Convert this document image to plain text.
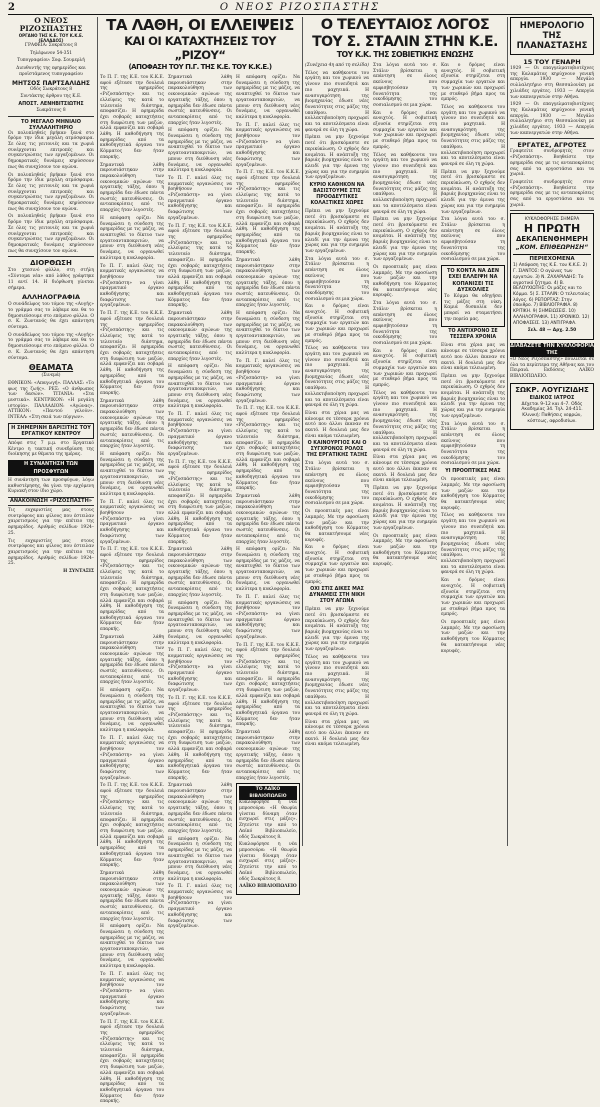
2	Ο ΝΕΟΣ ΡΙΖΟΣΠΑΣΤΗΣ
Ο ΝΕΟΣ ΡΙΖΟΣΠΑΣΤΗΣ
ΟΡΓΑΝΟ ΤΗΣ Κ.Ε. ΤΟΥ Κ.Κ.Ε. (ΕΛΛΑΔΟΣ)
ΓΡΑΦΕΙΑ: Σοκράτους 8
Τηλέφωνον 54-351
Τυπογραφείον: Σοφ. Σουμερλή
Διευθυντής της εφημερίδος και προϊστάμενος τυπογραφείου
ΜΗΤΣΟΣ ΠΑΡΤΣΑΛΙΔΗΣ
Οδός Σωκράτους 8
Συντάκτης άρθρου της Κ.Ε.
ΑΠΟΣΤ. ΛΕΝΗΒΙΤΣΙΩΤΗΣ
Σωκράτους 8
ΤΟ ΜΕΓΑΛΟ ΜΗΝΙΑΙΟ ΣΥΛΛΑΛΗΤΗΡΙΟ
Οι πολυπληθείς βρήκαν ξανά στο δρόμο την ίδια μεγάλη ατμόσφαιρα. Σε όλες τις γειτονιές και τα χωριά συνέρχονται επιτροπές και συγκεντρώσεις των εργαζομένων. Οι δημοκρατικές δυνάμεις κηρύσσουν πως θα συνεχίσουν τον αγώνα.
Οι πολυπληθείς βρήκαν ξανά στο δρόμο την ίδια μεγάλη ατμόσφαιρα. Σε όλες τις γειτονιές και τα χωριά συνέρχονται επιτροπές και συγκεντρώσεις των εργαζομένων. Οι δημοκρατικές δυνάμεις κηρύσσουν πως θα συνεχίσουν τον αγώνα.
Οι πολυπληθείς βρήκαν ξανά στο δρόμο την ίδια μεγάλη ατμόσφαιρα. Σε όλες τις γειτονιές και τα χωριά συνέρχονται επιτροπές και συγκεντρώσεις των εργαζομένων. Οι δημοκρατικές δυνάμεις κηρύσσουν πως θα συνεχίσουν τον αγώνα.
ΔΙΟΡΘΩΣΗ
Στο χτεσινό φύλλο, στη στήλη «Σύντομα νέα» από λάθος γράφτηκε 11 αντί 14. Η διόρθωση γίνεται σήμερα.
ΑΛΛΗΛΟΓΡΑΦΙΑ
Ο συνάδελφος του τόμου της «Αυγής» το γράμμα σας το λάβαμε και θα το δημοσιεύσουμε στο επόμενο φύλλο. Ο σ. Κ. Ζωντανός θα έχει απάντηση σύντομα.
Ο συνάδελφος του τόμου της «Αυγής» το γράμμα σας το λάβαμε και θα το δημοσιεύσουμε στο επόμενο φύλλο. Ο σ. Κ. Ζωντανός θα έχει απάντηση σύντομα.
ΘΕΑΜΑΤΑ
(Σινεμά)
ΕΘΝΙΚΟΝ: «Απαγωγή». ΠΑΛΛΑΣ: «Το φως της ζωής». ΡΕΞ: «Ο άνθρωπος των δασών». ΤΙΤΑΝΙΑ: «Στα μυστικά». ΚΕΝΤΡΙΚΟΝ: «Η μεγάλη ιστορία». ΠΑΛΛΑΔΙΟΝ: «Αγώνας». ΑΤΤΙΚΟΝ: «Παντού γελούν». ΙΝΤΕΑΛ: «Στη σκιά των πύργων».
Η ΣΗΜΕΡΙΝΗ ΒΑΡΙΞΙΤΗΣ ΤΟΥ ΕΡΓΑΤΙΚΟΥ ΚΕΝΤΡΟΥ
Απόψε στις 7 μ.μ. στο Εργατικό Κέντρο η τακτική συνεδρίαση της διοίκησης με θέματα της ημέρας.
Η ΣΥΝΑΝΤΗΣΗ ΤΩΝ ΠΡΟΣΦΥΓΩΝ
Η συνάντηση των προσφύγων, λόγω καθυστέρησης, θα γίνει την ερχόμενη Κυριακή στον ίδιο χώρο.
ΑΝΑΚΟΙΝΩΣΗ «ΡΙΖΟΣΠΑΣΤΗ»
Τις ευχαριστίες μας στους συντρόφους και φίλους που έστειλαν χαιρετισμούς για την επέτειο της εφημερίδος. Αριθμός σελίδων 1924–25.
Τις ευχαριστίες μας στους συντρόφους και φίλους που έστειλαν χαιρετισμούς για την επέτειο της εφημερίδος. Αριθμός σελίδων 1924–25.
Η ΣΥΝΤΑΞΙΣ
ΤΑ ΛΑΘΗ, ΟΙ ΕΛΛΕΙΨΕΙΣ
ΚΑΙ ΟΙ ΚΑΤΑΧΤΗΣΕΙΣ ΤΟΥ „ΡΙΖΟΥ“
(ΑΠΟΦΑΣΗ ΤΟΥ Π.Γ. ΤΗΣ Κ.Ε. ΤΟΥ Κ.Κ.Ε.)
Το Π. Γ. της Κ.Ε. του Κ.Κ.Ε. αφού εξέτασε την δουλειά της εφημερίδος «Ριζοσπάστης» και τις ελλείψεις της κατά το τελευταίο διάστημα, αποφασίζει: Η εφημερίδα έχει σοβαρές καταχτήσεις στη διαφώτιση των μαζών, αλλά εμφανίζει και σοβαρά λάθη. Η καθοδήγηση της εφημερίδας από τα καθοδηγητικά όργανα του Κόμματος δεν ήταν επαρκής.
Σημαντικά λάθη παρουσιάστηκαν στην παρακολούθηση των οικονομικών αγώνων της εργατικής τάξης, όπου η εφημερίδα δεν έδωσε πάντα σωστές κατευθύνσεις. Οι ανταποκρίσεις από τις επαρχίες ήταν λιγοστές.
Η απόφαση ορίζει: Να δυναμώσει η σύνδεση της εφημερίδας με τις μάζες, να αναπτυχθεί το δίκτυο των εργατοανταποκριτών, να μπουν στη διεύθυνση νέες δυνάμεις, να οργανωθεί καλύτερα η κυκλοφορία.
Το Π. Γ. καλεί όλες τις κομματικές οργανώσεις να βοηθήσουν τον «Ριζοσπάστη» να γίνει πραγματικό όργανο καθοδήγησης και διαφώτισης των εργαζομένων.
Το Π. Γ. της Κ.Ε. του Κ.Κ.Ε. αφού εξέτασε την δουλειά της εφημερίδος «Ριζοσπάστης» και τις ελλείψεις της κατά το τελευταίο διάστημα, αποφασίζει: Η εφημερίδα έχει σοβαρές καταχτήσεις στη διαφώτιση των μαζών, αλλά εμφανίζει και σοβαρά λάθη. Η καθοδήγηση της εφημερίδας από τα καθοδηγητικά όργανα του Κόμματος δεν ήταν επαρκής.
Σημαντικά λάθη παρουσιάστηκαν στην παρακολούθηση των οικονομικών αγώνων της εργατικής τάξης, όπου η εφημερίδα δεν έδωσε πάντα σωστές κατευθύνσεις. Οι ανταποκρίσεις από τις επαρχίες ήταν λιγοστές.
Η απόφαση ορίζει: Να δυναμώσει η σύνδεση της εφημερίδας με τις μάζες, να αναπτυχθεί το δίκτυο των εργατοανταποκριτών, να μπουν στη διεύθυνση νέες δυνάμεις, να οργανωθεί καλύτερα η κυκλοφορία.
Το Π. Γ. καλεί όλες τις κομματικές οργανώσεις να βοηθήσουν τον «Ριζοσπάστη» να γίνει πραγματικό όργανο καθοδήγησης και διαφώτισης των εργαζομένων.
Το Π. Γ. της Κ.Ε. του Κ.Κ.Ε. αφού εξέτασε την δουλειά της εφημερίδος «Ριζοσπάστης» και τις ελλείψεις της κατά το τελευταίο διάστημα, αποφασίζει: Η εφημερίδα έχει σοβαρές καταχτήσεις στη διαφώτιση των μαζών, αλλά εμφανίζει και σοβαρά λάθη. Η καθοδήγηση της εφημερίδας από τα καθοδηγητικά όργανα του Κόμματος δεν ήταν επαρκής.
Σημαντικά λάθη παρουσιάστηκαν στην παρακολούθηση των οικονομικών αγώνων της εργατικής τάξης, όπου η εφημερίδα δεν έδωσε πάντα σωστές κατευθύνσεις. Οι ανταποκρίσεις από τις επαρχίες ήταν λιγοστές.
Η απόφαση ορίζει: Να δυναμώσει η σύνδεση της εφημερίδας με τις μάζες, να αναπτυχθεί το δίκτυο των εργατοανταποκριτών, να μπουν στη διεύθυνση νέες δυνάμεις, να οργανωθεί καλύτερα η κυκλοφορία.
Το Π. Γ. καλεί όλες τις κομματικές οργανώσεις να βοηθήσουν τον «Ριζοσπάστη» να γίνει πραγματικό όργανο καθοδήγησης και διαφώτισης των εργαζομένων.
Το Π. Γ. της Κ.Ε. του Κ.Κ.Ε. αφού εξέτασε την δουλειά της εφημερίδος «Ριζοσπάστης» και τις ελλείψεις της κατά το τελευταίο διάστημα, αποφασίζει: Η εφημερίδα έχει σοβαρές καταχτήσεις στη διαφώτιση των μαζών, αλλά εμφανίζει και σοβαρά λάθη. Η καθοδήγηση της εφημερίδας από τα καθοδηγητικά όργανα του Κόμματος δεν ήταν επαρκής.
Σημαντικά λάθη παρουσιάστηκαν στην παρακολούθηση των οικονομικών αγώνων της εργατικής τάξης, όπου η εφημερίδα δεν έδωσε πάντα σωστές κατευθύνσεις. Οι ανταποκρίσεις από τις επαρχίες ήταν λιγοστές.
Η απόφαση ορίζει: Να δυναμώσει η σύνδεση της εφημερίδας με τις μάζες, να αναπτυχθεί το δίκτυο των εργατοανταποκριτών, να μπουν στη διεύθυνση νέες δυνάμεις, να οργανωθεί καλύτερα η κυκλοφορία.
Το Π. Γ. καλεί όλες τις κομματικές οργανώσεις να βοηθήσουν τον «Ριζοσπάστη» να γίνει πραγματικό όργανο καθοδήγησης και διαφώτισης των εργαζομένων.
Το Π. Γ. της Κ.Ε. του Κ.Κ.Ε. αφού εξέτασε την δουλειά της εφημερίδος «Ριζοσπάστης» και τις ελλείψεις της κατά το τελευταίο διάστημα, αποφασίζει: Η εφημερίδα έχει σοβαρές καταχτήσεις στη διαφώτιση των μαζών, αλλά εμφανίζει και σοβαρά λάθη. Η καθοδήγηση της εφημερίδας από τα καθοδηγητικά όργανα του Κόμματος δεν ήταν επαρκής.
Σημαντικά λάθη παρουσιάστηκαν στην παρακολούθηση των οικονομικών αγώνων της εργατικής τάξης, όπου η εφημερίδα δεν έδωσε πάντα σωστές κατευθύνσεις. Οι ανταποκρίσεις από τις επαρχίες ήταν λιγοστές.
Η απόφαση ορίζει: Να δυναμώσει η σύνδεση της εφημερίδας με τις μάζες, να αναπτυχθεί το δίκτυο των εργατοανταποκριτών, να μπουν στη διεύθυνση νέες δυνάμεις, να οργανωθεί καλύτερα η κυκλοφορία.
Το Π. Γ. καλεί όλες τις κομματικές οργανώσεις να βοηθήσουν τον «Ριζοσπάστη» να γίνει πραγματικό όργανο καθοδήγησης και διαφώτισης των εργαζομένων.
Το Π. Γ. της Κ.Ε. του Κ.Κ.Ε. αφού εξέτασε την δουλειά της εφημερίδος «Ριζοσπάστης» και τις ελλείψεις της κατά το τελευταίο διάστημα, αποφασίζει: Η εφημερίδα έχει σοβαρές καταχτήσεις στη διαφώτιση των μαζών, αλλά εμφανίζει και σοβαρά λάθη. Η καθοδήγηση της εφημερίδας από τα καθοδηγητικά όργανα του Κόμματος δεν ήταν επαρκής.
Σημαντικά λάθη παρουσιάστηκαν στην παρακολούθηση των οικονομικών αγώνων της εργατικής τάξης, όπου η εφημερίδα δεν έδωσε πάντα σωστές κατευθύνσεις. Οι ανταποκρίσεις από τις επαρχίες ήταν λιγοστές.
Η απόφαση ορίζει: Να δυναμώσει η σύνδεση της εφημερίδας με τις μάζες, να αναπτυχθεί το δίκτυο των εργατοανταποκριτών, να μπουν στη διεύθυνση νέες δυνάμεις, να οργανωθεί καλύτερα η κυκλοφορία.
Το Π. Γ. καλεί όλες τις κομματικές οργανώσεις να βοηθήσουν τον «Ριζοσπάστη» να γίνει πραγματικό όργανο καθοδήγησης και διαφώτισης των εργαζομένων.
Το Π. Γ. της Κ.Ε. του Κ.Κ.Ε. αφού εξέτασε την δουλειά της εφημερίδος «Ριζοσπάστης» και τις ελλείψεις της κατά το τελευταίο διάστημα, αποφασίζει: Η εφημερίδα έχει σοβαρές καταχτήσεις στη διαφώτιση των μαζών, αλλά εμφανίζει και σοβαρά λάθη. Η καθοδήγηση της εφημερίδας από τα καθοδηγητικά όργανα του Κόμματος δεν ήταν επαρκής.
Σημαντικά λάθη παρουσιάστηκαν στην παρακολούθηση των οικονομικών αγώνων της εργατικής τάξης, όπου η εφημερίδα δεν έδωσε πάντα σωστές κατευθύνσεις. Οι ανταποκρίσεις από τις επαρχίες ήταν λιγοστές.
Η απόφαση ορίζει: Να δυναμώσει η σύνδεση της εφημερίδας με τις μάζες, να αναπτυχθεί το δίκτυο των εργατοανταποκριτών, να μπουν στη διεύθυνση νέες δυνάμεις, να οργανωθεί καλύτερα η κυκλοφορία.
Το Π. Γ. καλεί όλες τις κομματικές οργανώσεις να βοηθήσουν τον «Ριζοσπάστη» να γίνει πραγματικό όργανο καθοδήγησης και διαφώτισης των εργαζομένων.
Το Π. Γ. της Κ.Ε. του Κ.Κ.Ε. αφού εξέτασε την δουλειά της εφημερίδος «Ριζοσπάστης» και τις ελλείψεις της κατά το τελευταίο διάστημα, αποφασίζει: Η εφημερίδα έχει σοβαρές καταχτήσεις στη διαφώτιση των μαζών, αλλά εμφανίζει και σοβαρά λάθη. Η καθοδήγηση της εφημερίδας από τα καθοδηγητικά όργανα του Κόμματος δεν ήταν επαρκής.
Σημαντικά λάθη παρουσιάστηκαν στην παρακολούθηση των οικονομικών αγώνων της εργατικής τάξης, όπου η εφημερίδα δεν έδωσε πάντα σωστές κατευθύνσεις. Οι ανταποκρίσεις από τις επαρχίες ήταν λιγοστές.
Η απόφαση ορίζει: Να δυναμώσει η σύνδεση της εφημερίδας με τις μάζες, να αναπτυχθεί το δίκτυο των εργατοανταποκριτών, να μπουν στη διεύθυνση νέες δυνάμεις, να οργανωθεί καλύτερα η κυκλοφορία.
Το Π. Γ. καλεί όλες τις κομματικές οργανώσεις να βοηθήσουν τον «Ριζοσπάστη» να γίνει πραγματικό όργανο καθοδήγησης και διαφώτισης των εργαζομένων.
Η απόφαση ορίζει: Να δυναμώσει η σύνδεση της εφημερίδας με τις μάζες, να αναπτυχθεί το δίκτυο των εργατοανταποκριτών, να μπουν στη διεύθυνση νέες δυνάμεις, να οργανωθεί καλύτερα η κυκλοφορία.
Το Π. Γ. καλεί όλες τις κομματικές οργανώσεις να βοηθήσουν τον «Ριζοσπάστη» να γίνει πραγματικό όργανο καθοδήγησης και διαφώτισης των εργαζομένων.
Το Π. Γ. της Κ.Ε. του Κ.Κ.Ε. αφού εξέτασε την δουλειά της εφημερίδος «Ριζοσπάστης» και τις ελλείψεις της κατά το τελευταίο διάστημα, αποφασίζει: Η εφημερίδα έχει σοβαρές καταχτήσεις στη διαφώτιση των μαζών, αλλά εμφανίζει και σοβαρά λάθη. Η καθοδήγηση της εφημερίδας από τα καθοδηγητικά όργανα του Κόμματος δεν ήταν επαρκής.
Σημαντικά λάθη παρουσιάστηκαν στην παρακολούθηση των οικονομικών αγώνων της εργατικής τάξης, όπου η εφημερίδα δεν έδωσε πάντα σωστές κατευθύνσεις. Οι ανταποκρίσεις από τις επαρχίες ήταν λιγοστές.
Η απόφαση ορίζει: Να δυναμώσει η σύνδεση της εφημερίδας με τις μάζες, να αναπτυχθεί το δίκτυο των εργατοανταποκριτών, να μπουν στη διεύθυνση νέες δυνάμεις, να οργανωθεί καλύτερα η κυκλοφορία.
Το Π. Γ. καλεί όλες τις κομματικές οργανώσεις να βοηθήσουν τον «Ριζοσπάστη» να γίνει πραγματικό όργανο καθοδήγησης και διαφώτισης των εργαζομένων.
Το Π. Γ. της Κ.Ε. του Κ.Κ.Ε. αφού εξέτασε την δουλειά της εφημερίδος «Ριζοσπάστης» και τις ελλείψεις της κατά το τελευταίο διάστημα, αποφασίζει: Η εφημερίδα έχει σοβαρές καταχτήσεις στη διαφώτιση των μαζών, αλλά εμφανίζει και σοβαρά λάθη. Η καθοδήγηση της εφημερίδας από τα καθοδηγητικά όργανα του Κόμματος δεν ήταν επαρκής.
Σημαντικά λάθη παρουσιάστηκαν στην παρακολούθηση των οικονομικών αγώνων της εργατικής τάξης, όπου η εφημερίδα δεν έδωσε πάντα σωστές κατευθύνσεις. Οι ανταποκρίσεις από τις επαρχίες ήταν λιγοστές.
Η απόφαση ορίζει: Να δυναμώσει η σύνδεση της εφημερίδας με τις μάζες, να αναπτυχθεί το δίκτυο των εργατοανταποκριτών, να μπουν στη διεύθυνση νέες δυνάμεις, να οργανωθεί καλύτερα η κυκλοφορία.
Το Π. Γ. καλεί όλες τις κομματικές οργανώσεις να βοηθήσουν τον «Ριζοσπάστη» να γίνει πραγματικό όργανο καθοδήγησης και διαφώτισης των εργαζομένων.
Το Π. Γ. της Κ.Ε. του Κ.Κ.Ε. αφού εξέτασε την δουλειά της εφημερίδος «Ριζοσπάστης» και τις ελλείψεις της κατά το τελευταίο διάστημα, αποφασίζει: Η εφημερίδα έχει σοβαρές καταχτήσεις στη διαφώτιση των μαζών, αλλά εμφανίζει και σοβαρά λάθη. Η καθοδήγηση της εφημερίδας από τα καθοδηγητικά όργανα του Κόμματος δεν ήταν επαρκής.
Σημαντικά λάθη παρουσιάστηκαν στην παρακολούθηση των οικονομικών αγώνων της εργατικής τάξης, όπου η εφημερίδα δεν έδωσε πάντα σωστές κατευθύνσεις. Οι ανταποκρίσεις από τις επαρχίες ήταν λιγοστές.
ΤΟ ΛΑΪΚΟ ΒΙΒΛΙΟΠΩΛΕΙΟ
Κυκλοφόρησε η νέα μπροσούρα: «Η θεωρία γίνεται δύναμη όταν εισχωρεί στις μάζες». Ζητείστε την από το Λαϊκό Βιβλιοπωλείο, οδός Σωκράτους 8.
Κυκλοφόρησε η νέα μπροσούρα: «Η θεωρία γίνεται δύναμη όταν εισχωρεί στις μάζες». Ζητείστε την από το Λαϊκό Βιβλιοπωλείο, οδός Σωκράτους 8.
ΛΑΪΚΟ ΒΙΒΛΙΟΠΩΛΕΙΟ
Ο ΤΕΛΕΥΤΑΙΟΣ ΛΟΓΟΣ
ΤΟΥ Σ. ΣΤΑΛΙΝ ΣΤΗΝ Κ.Ε.
ΤΟΥ Κ.Κ. ΤΗΣ ΣΟΒΙΕΤΙΚΗΣ ΕΝΩΣΗΣ
(Συνέχεια 4η από τη σελίδα)
Τέλος να καθήκοντα του εργάτη και του χωρικού να γίνουν πιο συνειδητά και πιο μαχητικά. Η ανασυγκρότηση της βιομηχανίας έδωσε νέες δυνατότητες στις μάζες της υπαίθρου. Η κολλεκτιβοποίηση προχωρεί και τα αποτελέσματα είναι φανερά σε όλη τη χώρα.
Πρέπει να μην ξεχνούμε ποτέ ότι βρισκόμαστε σε περικύκλωση. Ο εχθρός δεν κοιμάται. Η ανάπτυξη της βαριάς βιομηχανίας είναι το κλειδί για την άμυνα της χώρας και για την ευημερία των εργαζομένων.
ΚΥΡΙΟ ΚΑΘΗΚΟΝ ΝΑ ΒΑΣΙΣΤΟΥΜΕ ΣΤΙΣ ΠΡΟΟΔΕΥΤΙΚΕΣ ΚΟΛΑΞΤΙΚΕΣ ΧΩΡΕΣ
Πρέπει να μην ξεχνούμε ποτέ ότι βρισκόμαστε σε περικύκλωση. Ο εχθρός δεν κοιμάται. Η ανάπτυξη της βαριάς βιομηχανίας είναι το κλειδί για την άμυνα της χώρας και για την ευημερία των εργαζομένων.
Στα λόγια αυτά του σ. Στάλιν βρίσκεται η απάντηση σε όλους εκείνους που αμφισβητούσαν τη δυνατότητα της οικοδόμησης του σοσιαλισμού σε μια χώρα.
Και ο δρόμος είναι ανοιχτός. Η σοβιετική εξουσία στηρίζεται στη συμμαχία των εργατών και των χωρικών και προχωρεί με σταθερό βήμα προς τα εμπρός.
Τέλος να καθήκοντα του εργάτη και του χωρικού να γίνουν πιο συνειδητά και πιο μαχητικά. Η ανασυγκρότηση της βιομηχανίας έδωσε νέες δυνατότητες στις μάζες της υπαίθρου. Η κολλεκτιβοποίηση προχωρεί και τα αποτελέσματα είναι φανερά σε όλη τη χώρα.
Είναι στα χέρια μας να κάνουμε σε τέσσερα χρόνια αυτό που άλλοι έκαναν σε εκατό. Η δουλειά μας δεν είναι ακόμα τελειωμένη.
Ο ΚΑΙΝΟΥΡΓΙΟΣ ΚΑΙ Ο ΣΥΓΧΡΟΝΟΣ ΡΟΛΟΣ ΤΗΣ ΕΡΓΑΤΙΚΗΣ ΤΑΞΗΣ
Στα λόγια αυτά του σ. Στάλιν βρίσκεται η απάντηση σε όλους εκείνους που αμφισβητούσαν τη δυνατότητα της οικοδόμησης του σοσιαλισμού σε μια χώρα.
Οι προοπτικές μας είναι λαμπρές. Με την αφοσίωση των μαζών και την καθοδήγηση του Κόμματος θα κατακτήσουμε νέες κορυφές.
Και ο δρόμος είναι ανοιχτός. Η σοβιετική εξουσία στηρίζεται στη συμμαχία των εργατών και των χωρικών και προχωρεί με σταθερό βήμα προς τα εμπρός.
ΟΧΙ ΣΤΙΣ ΔΙΚΕΣ ΜΑΣ ΔΥΝΑΜΕΙΣ ΣΤΗ ΝΙΚΗ ΣΤΟΥ ΑΓΩΝΑ
Πρέπει να μην ξεχνούμε ποτέ ότι βρισκόμαστε σε περικύκλωση. Ο εχθρός δεν κοιμάται. Η ανάπτυξη της βαριάς βιομηχανίας είναι το κλειδί για την άμυνα της χώρας και για την ευημερία των εργαζομένων.
Τέλος να καθήκοντα του εργάτη και του χωρικού να γίνουν πιο συνειδητά και πιο μαχητικά. Η ανασυγκρότηση της βιομηχανίας έδωσε νέες δυνατότητες στις μάζες της υπαίθρου. Η κολλεκτιβοποίηση προχωρεί και τα αποτελέσματα είναι φανερά σε όλη τη χώρα.
Είναι στα χέρια μας να κάνουμε σε τέσσερα χρόνια αυτό που άλλοι έκαναν σε εκατό. Η δουλειά μας δεν είναι ακόμα τελειωμένη.
Στα λόγια αυτά του σ. Στάλιν βρίσκεται η απάντηση σε όλους εκείνους που αμφισβητούσαν τη δυνατότητα της οικοδόμησης του σοσιαλισμού σε μια χώρα.
Και ο δρόμος είναι ανοιχτός. Η σοβιετική εξουσία στηρίζεται στη συμμαχία των εργατών και των χωρικών και προχωρεί με σταθερό βήμα προς τα εμπρός.
Τέλος να καθήκοντα του εργάτη και του χωρικού να γίνουν πιο συνειδητά και πιο μαχητικά. Η ανασυγκρότηση της βιομηχανίας έδωσε νέες δυνατότητες στις μάζες της υπαίθρου. Η κολλεκτιβοποίηση προχωρεί και τα αποτελέσματα είναι φανερά σε όλη τη χώρα.
Πρέπει να μην ξεχνούμε ποτέ ότι βρισκόμαστε σε περικύκλωση. Ο εχθρός δεν κοιμάται. Η ανάπτυξη της βαριάς βιομηχανίας είναι το κλειδί για την άμυνα της χώρας και για την ευημερία των εργαζομένων.
Οι προοπτικές μας είναι λαμπρές. Με την αφοσίωση των μαζών και την καθοδήγηση του Κόμματος θα κατακτήσουμε νέες κορυφές.
Στα λόγια αυτά του σ. Στάλιν βρίσκεται η απάντηση σε όλους εκείνους που αμφισβητούσαν τη δυνατότητα της οικοδόμησης του σοσιαλισμού σε μια χώρα.
Και ο δρόμος είναι ανοιχτός. Η σοβιετική εξουσία στηρίζεται στη συμμαχία των εργατών και των χωρικών και προχωρεί με σταθερό βήμα προς τα εμπρός.
Τέλος να καθήκοντα του εργάτη και του χωρικού να γίνουν πιο συνειδητά και πιο μαχητικά. Η ανασυγκρότηση της βιομηχανίας έδωσε νέες δυνατότητες στις μάζες της υπαίθρου. Η κολλεκτιβοποίηση προχωρεί και τα αποτελέσματα είναι φανερά σε όλη τη χώρα.
Είναι στα χέρια μας να κάνουμε σε τέσσερα χρόνια αυτό που άλλοι έκαναν σε εκατό. Η δουλειά μας δεν είναι ακόμα τελειωμένη.
Πρέπει να μην ξεχνούμε ποτέ ότι βρισκόμαστε σε περικύκλωση. Ο εχθρός δεν κοιμάται. Η ανάπτυξη της βαριάς βιομηχανίας είναι το κλειδί για την άμυνα της χώρας και για την ευημερία των εργαζομένων.
Οι προοπτικές μας είναι λαμπρές. Με την αφοσίωση των μαζών και την καθοδήγηση του Κόμματος θα κατακτήσουμε νέες κορυφές.
Και ο δρόμος είναι ανοιχτός. Η σοβιετική εξουσία στηρίζεται στη συμμαχία των εργατών και των χωρικών και προχωρεί με σταθερό βήμα προς τα εμπρός.
Τέλος να καθήκοντα του εργάτη και του χωρικού να γίνουν πιο συνειδητά και πιο μαχητικά. Η ανασυγκρότηση της βιομηχανίας έδωσε νέες δυνατότητες στις μάζες της υπαίθρου. Η κολλεκτιβοποίηση προχωρεί και τα αποτελέσματα είναι φανερά σε όλη τη χώρα.
Πρέπει να μην ξεχνούμε ποτέ ότι βρισκόμαστε σε περικύκλωση. Ο εχθρός δεν κοιμάται. Η ανάπτυξη της βαριάς βιομηχανίας είναι το κλειδί για την άμυνα της χώρας και για την ευημερία των εργαζομένων.
Στα λόγια αυτά του σ. Στάλιν βρίσκεται η απάντηση σε όλους εκείνους που αμφισβητούσαν τη δυνατότητα της οικοδόμησης του σοσιαλισμού σε μια χώρα.
ΤΟ ΚΟΝΤΑ ΝΑ ΔΕΝ ΕΧΕΙ ΕΛΛΕΙΨΗ ΝΑ ΚΟΠΑΝΙΣΕΙ ΤΙΣ ΔΥΣΚΟΛΙΕΣ
Το Κόμμα θα οδηγήσει τις μάζες στη νίκη. Καμιά δυσκολία δεν μπορεί να σταματήσει την πορεία μας.
ΤΟ ΑΝΤΙΧΡΟΝΟ ΣΕ ΤΕΣΣΕΡΑ ΧΡΟΝΙΑ
Είναι στα χέρια μας να κάνουμε σε τέσσερα χρόνια αυτό που άλλοι έκαναν σε εκατό. Η δουλειά μας δεν είναι ακόμα τελειωμένη.
Πρέπει να μην ξεχνούμε ποτέ ότι βρισκόμαστε σε περικύκλωση. Ο εχθρός δεν κοιμάται. Η ανάπτυξη της βαριάς βιομηχανίας είναι το κλειδί για την άμυνα της χώρας και για την ευημερία των εργαζομένων.
Στα λόγια αυτά του σ. Στάλιν βρίσκεται η απάντηση σε όλους εκείνους που αμφισβητούσαν τη δυνατότητα της οικοδόμησης του σοσιαλισμού σε μια χώρα.
ΥΙ ΠΡΟΟΠΤΙΚΕΣ ΜΑΣ
Οι προοπτικές μας είναι λαμπρές. Με την αφοσίωση των μαζών και την καθοδήγηση του Κόμματος θα κατακτήσουμε νέες κορυφές.
Τέλος να καθήκοντα του εργάτη και του χωρικού να γίνουν πιο συνειδητά και πιο μαχητικά. Η ανασυγκρότηση της βιομηχανίας έδωσε νέες δυνατότητες στις μάζες της υπαίθρου. Η κολλεκτιβοποίηση προχωρεί και τα αποτελέσματα είναι φανερά σε όλη τη χώρα.
Και ο δρόμος είναι ανοιχτός. Η σοβιετική εξουσία στηρίζεται στη συμμαχία των εργατών και των χωρικών και προχωρεί με σταθερό βήμα προς τα εμπρός.
Οι προοπτικές μας είναι λαμπρές. Με την αφοσίωση των μαζών και την καθοδήγηση του Κόμματος θα κατακτήσουμε νέες κορυφές.
ΗΜΕΡΟΛΟΓΙΟ ΤΗΣ ΠΛΑΝΑΣΤΑΣΗΣ
15 ΤΟΥ ΓΕΝΑΡΗ
1929 — Οι επαγγελματοβιοτέχνες της Καλαμάτας κηρύχνουν γενική απεργία. 1930 — Μεγάλο συλλαλητήριο στη Θεσσαλονίκη με χιλιάδες εργάτες. 1933 — Απεργία των καπνεργατών στην Αθήνα.
1929 — Οι επαγγελματοβιοτέχνες της Καλαμάτας κηρύχνουν γενική απεργία. 1930 — Μεγάλο συλλαλητήριο στη Θεσσαλονίκη με χιλιάδες εργάτες. 1933 — Απεργία των καπνεργατών στην Αθήνα.
ΕΡΓΑΤΕΣ, ΑΓΡΟΤΕΣ
Γραφτείτε συνδρομητές στον «Ριζοσπάστη». Βοηθείστε την εφημερίδα σας με τις ανταποκρίσεις σας από τα εργοστάσια και τα χωριά.
Γραφτείτε συνδρομητές στον «Ριζοσπάστη». Βοηθείστε την εφημερίδα σας με τις ανταποκρίσεις σας από τα εργοστάσια και τα χωριά.
ΚΥΚΛΟΦΟΡΗΣΕ ΣΗΜΕΡΑ
Η ΠΡΩΤΗ
ΔΕΚΑΠΕΝΘΗΜΕΡΗ
„ΚΟΜ. ΕΠΙΘΕΩΡΗΣΗ“
ΠΕΡΙΕΧΟΜΕΝΑ
1) Απόφαση της Κ.Ε. του Κ.Κ.Ε. 2) Γ. ΣΙΑΝΤΟΣ: Ο αγώνας των εργατών. 3) Ν. ΖΑΧΑΡΙΑΔΗΣ: Το αγροτικό ζήτημα. 4) Β. ΒΕΛΟΥΧΙΩΤΗΣ: Οι μάζες και το Κόμμα. 5) Σ. ΣΤΑΛΙΝ: Ο τελευταίος λόγος. 6) ΡΕΠΟΡΤΑΖ: Στην ύπαιθρο. 7) ΒΙΒΛΙΟΓΡΑΦΙΑ. 8) ΚΡΙΤΙΚΗ. 9) ΣΗΜΕΙΩΣΕΙΣ. 10) ΑΛΛΗΛΟΓΡΑΦΙΑ. 11) ΧΡΟΝΙΚΟ. 12) ΑΠΟΦΑΣΕΙΣ. 13) ΑΝΤΙΓΡΑΦΑ.
Σελ. 48 — Δρχ. 2.50
ΔΙΑΒΑΖΕΤΕ ΤΗΝ ΚΥΚΛΟΦΟΡΙΑ ΤΗΣ
«Ο Νέος Ριζοσπάστης» πουλιέται σε όλα τα περίπτερα της Αθήνας και του Πειραιά. Εκδόσεις ΛΑΪΚΟ ΒΙΒΛΙΟΠΩΛΕΙΟ.
ΣΩΚΡ. ΛΟΥΓΙΖΙΔΗΣ
ΕΙΔΙΚΟΣ ΙΑΤΡΟΣ
Δέχεται 9–12 και 4–7. Οδός Ακαδημίας 34. Τηλ. 24-411. Κλινική: Παθήσεις νεφρών, κύστεως, αφροδισίων.
